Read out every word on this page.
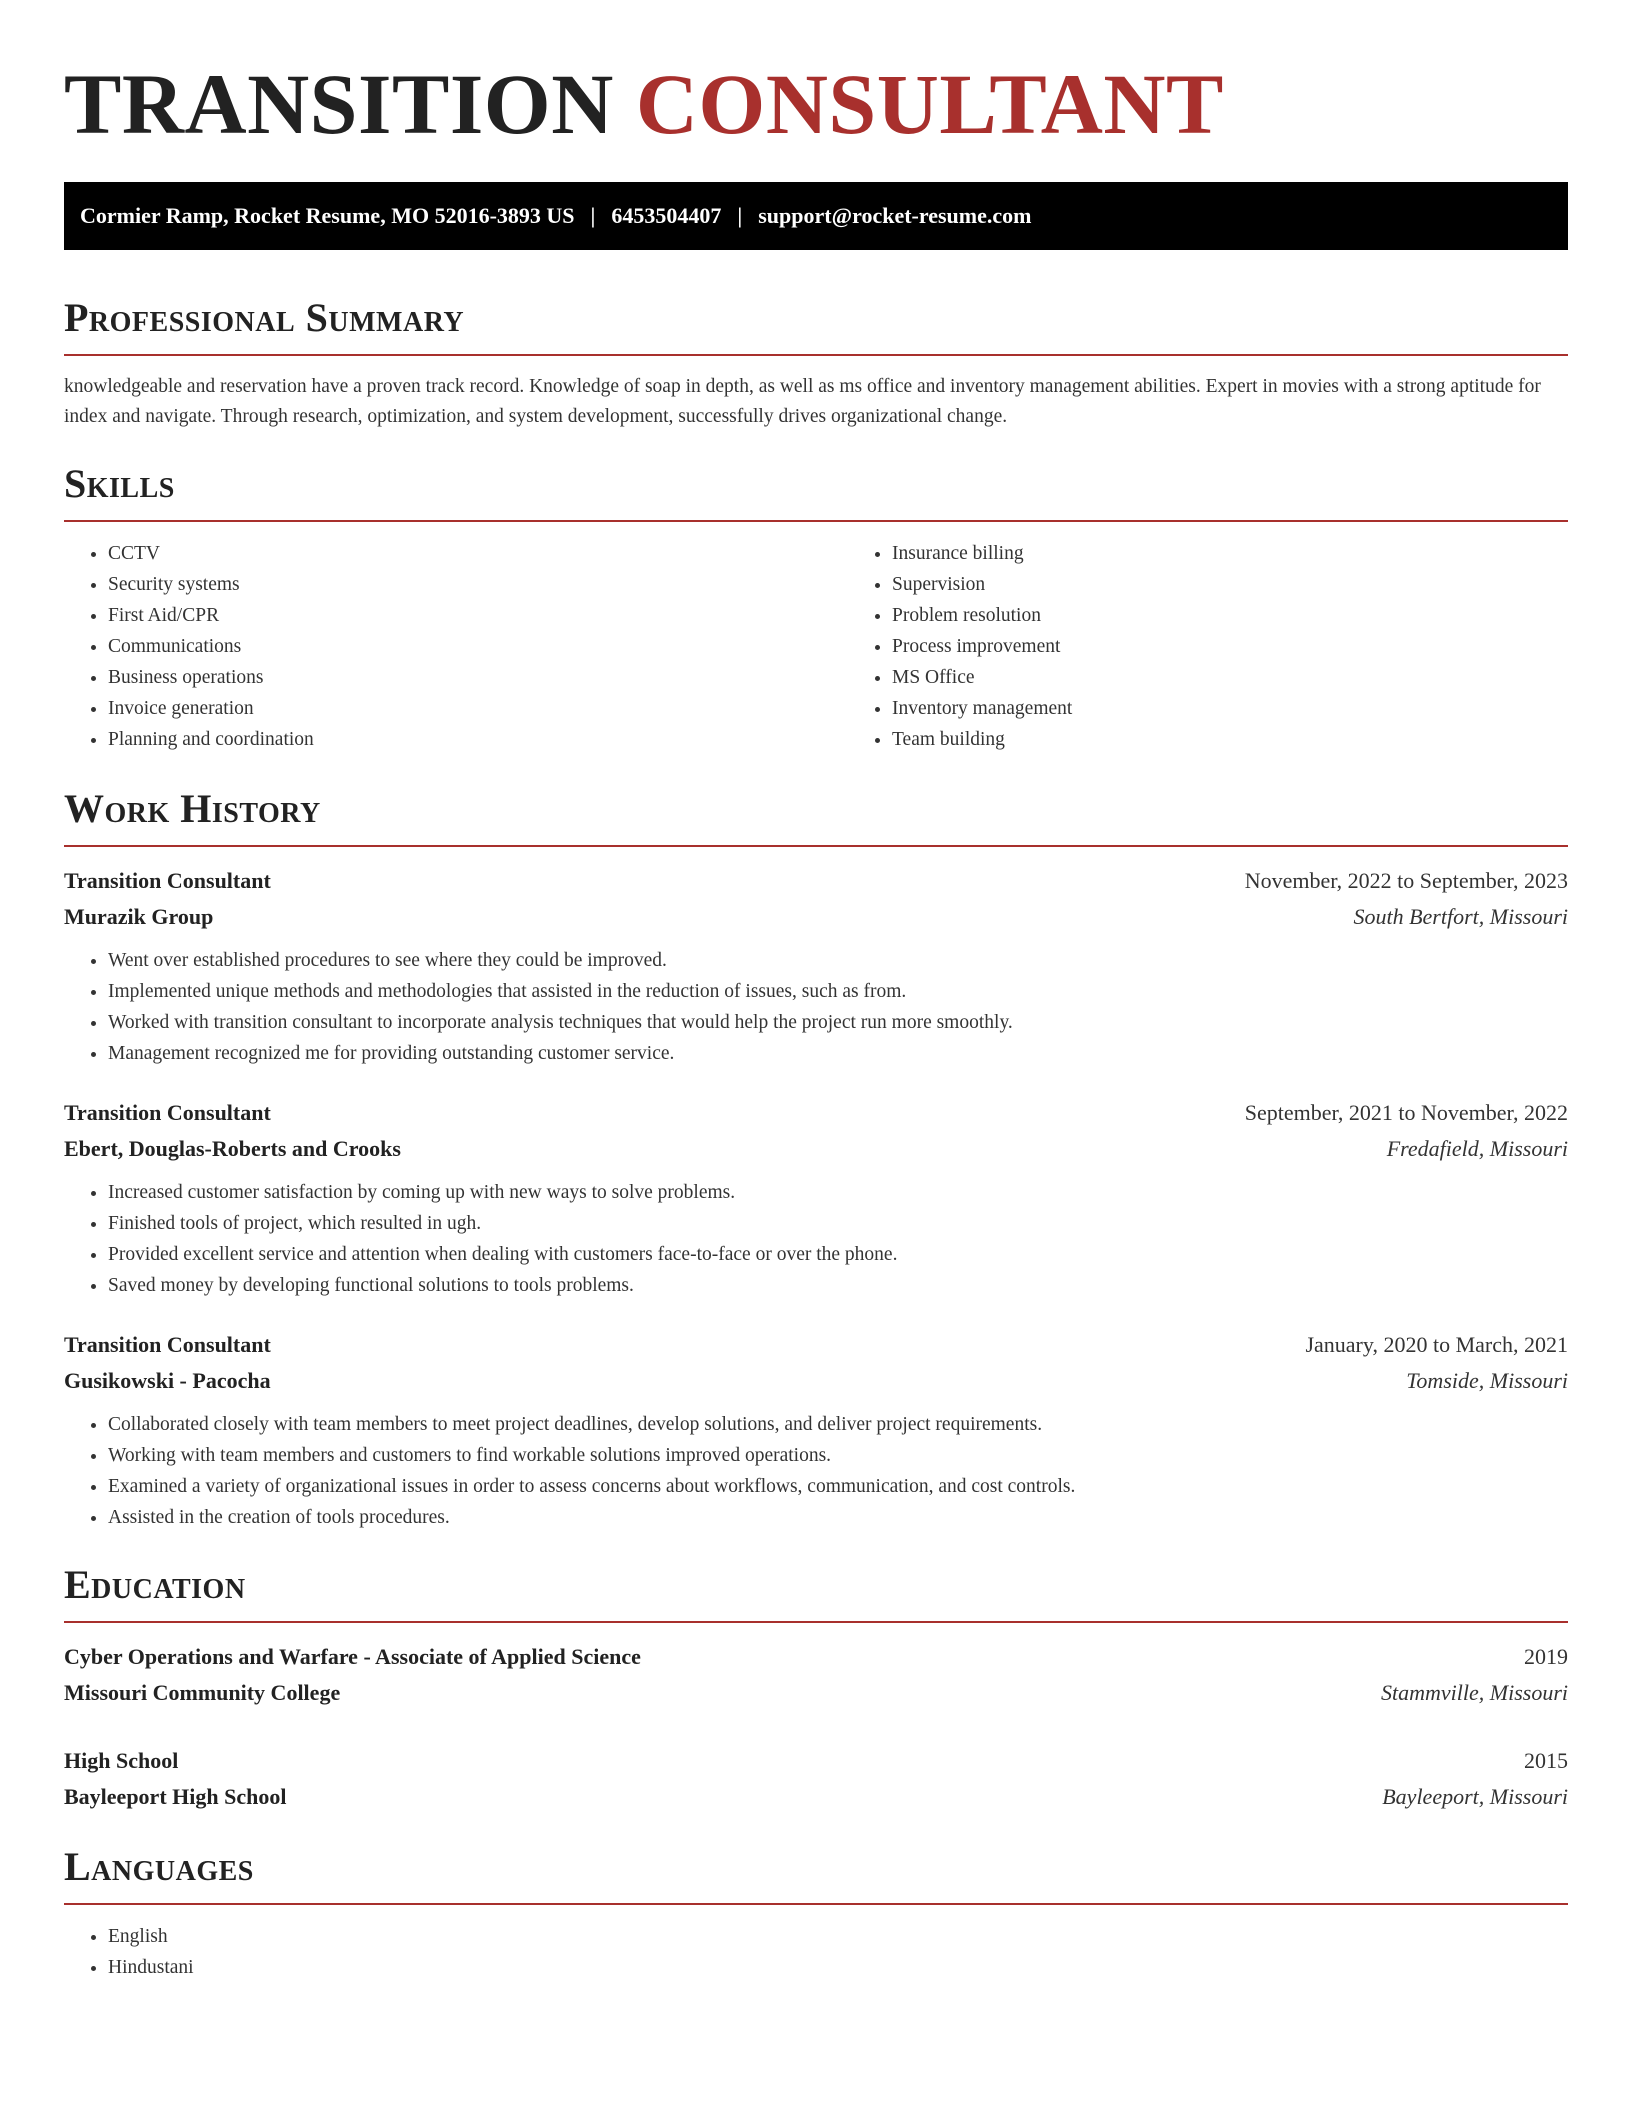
TRANSITION CONSULTANT
Cormier Ramp, Rocket Resume, MO 52016-3893 US | 6453504407 | support@rocket-resume.com
Professional Summary

knowledgeable and reservation have a proven track record. Knowledge of soap in depth, as well as ms office and inventory management abilities. Expert in movies with a strong aptitude for index and navigate. Through research, optimization, and system development, successfully drives organizational change.

Skills
• CCTV
• Security systems
• First Aid/CPR
• Communications
• Business operations
• Invoice generation
• Planning and coordination
• Insurance billing
• Supervision
• Problem resolution
• Process improvement
• MS Office
• Inventory management
• Team building
Work History
Transition Consultant	November, 2022 to September, 2023
Murazik Group	South Bertfort, Missouri
• Went over established procedures to see where they could be improved.
• Implemented unique methods and methodologies that assisted in the reduction of issues, such as from.
• Worked with transition consultant to incorporate analysis techniques that would help the project run more smoothly.
• Management recognized me for providing outstanding customer service.
Transition Consultant	September, 2021 to November, 2022
Ebert, Douglas-Roberts and Crooks	Fredafield, Missouri
• Increased customer satisfaction by coming up with new ways to solve problems.
• Finished tools of project, which resulted in ugh.
• Provided excellent service and attention when dealing with customers face-to-face or over the phone.
• Saved money by developing functional solutions to tools problems.
Transition Consultant	January, 2020 to March, 2021
Gusikowski - Pacocha	Tomside, Missouri
• Collaborated closely with team members to meet project deadlines, develop solutions, and deliver project requirements.
• Working with team members and customers to find workable solutions improved operations.
• Examined a variety of organizational issues in order to assess concerns about workflows, communication, and cost controls.
• Assisted in the creation of tools procedures.
Education
Cyber Operations and Warfare - Associate of Applied Science	2019
Missouri Community College	Stammville, Missouri
High School	2015
Bayleeport High School	Bayleeport, Missouri
Languages
• English
• Hindustani
